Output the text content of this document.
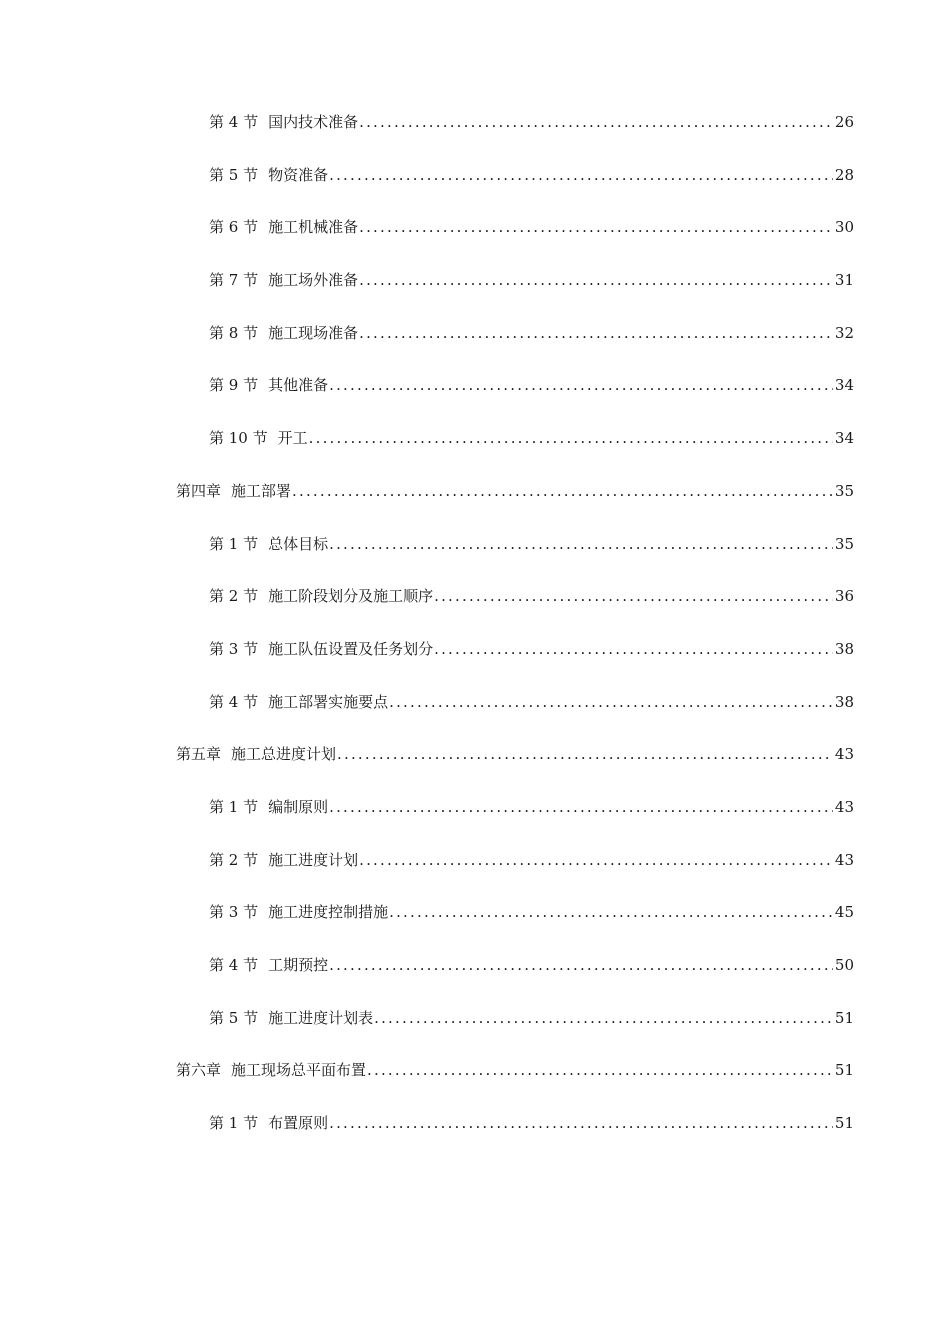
第 4 节 国内技术准备 .....	26
第 5 节 物资准备 .....	28
第 6 节 施工机械准备 .....	30
第 7 节 施工场外准备 .....	31
第 8 节 施工现场准备 .....	32
第 9 节 其他准备 .....	34
第 10 节 开工 .....	34
第四章 施工部署 .....	35
第 1 节 总体目标 .....	35
第 2 节 施工阶段划分及施工顺序 .....	36
第 3 节 施工队伍设置及任务划分 .....	38
第 4 节 施工部署实施要点 .....	38
第五章 施工总进度计划 .....	43
第 1 节 编制原则 .....	43
第 2 节 施工进度计划 .....	43
第 3 节 施工进度控制措施 .....	45
第 4 节 工期预控 .....	50
第 5 节 施工进度计划表 .....	51
第六章 施工现场总平面布置 .....	51
第 1 节 布置原则 .....	51
